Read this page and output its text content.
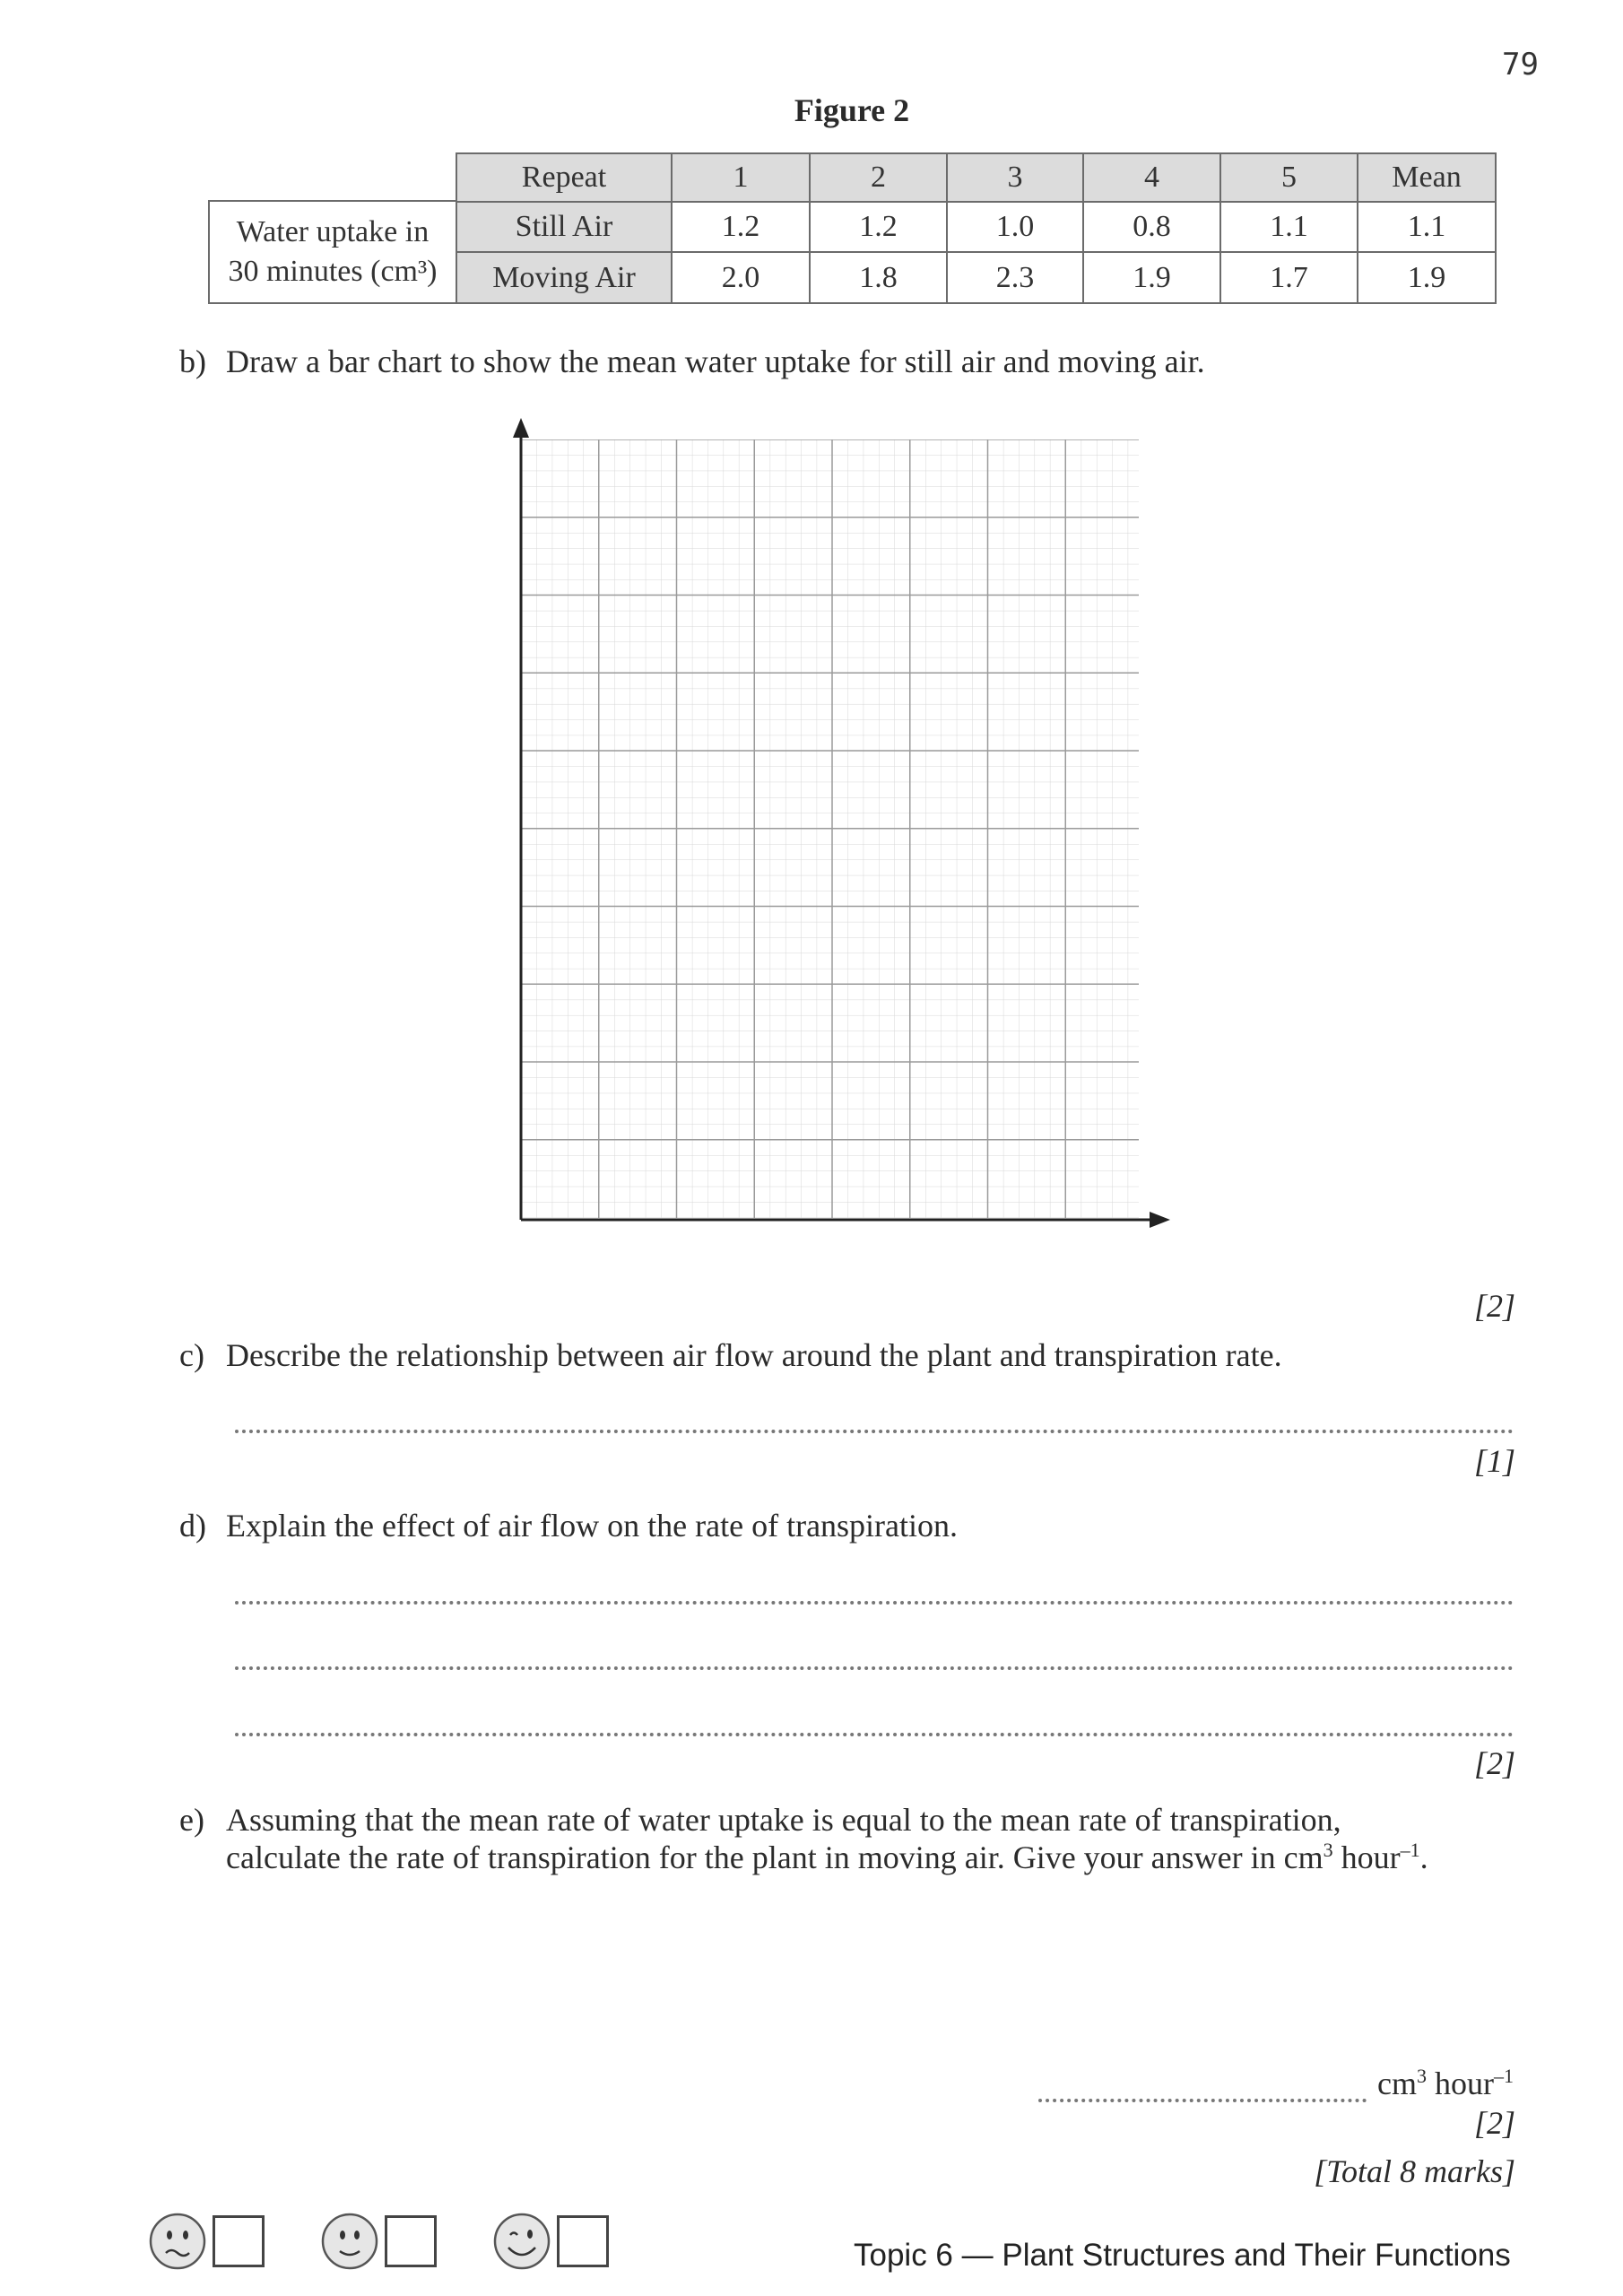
79
Figure 2
Water uptake in
30 minutes (cm³)
Repeat	1	2	3	4	5	Mean
Still Air	1.2	1.2	1.0	0.8	1.1	1.1
Moving Air	2.0	1.8	2.3	1.9	1.7	1.9
b) Draw a bar chart to show the mean water uptake for still air and moving air.
[2]
c) Describe the relationship between air flow around the plant and transpiration rate.
[1]
d) Explain the effect of air flow on the rate of transpiration.
[2]
e) Assuming that the mean rate of water uptake is equal to the mean rate of transpiration,
calculate the rate of transpiration for the plant in moving air. Give your answer in $cm^3$ hour$^{-1}$.
$cm^3$ hour$^{-1}$
[2]
[Total 8 marks]
Topic 6 — Plant Structures and Their Functions
